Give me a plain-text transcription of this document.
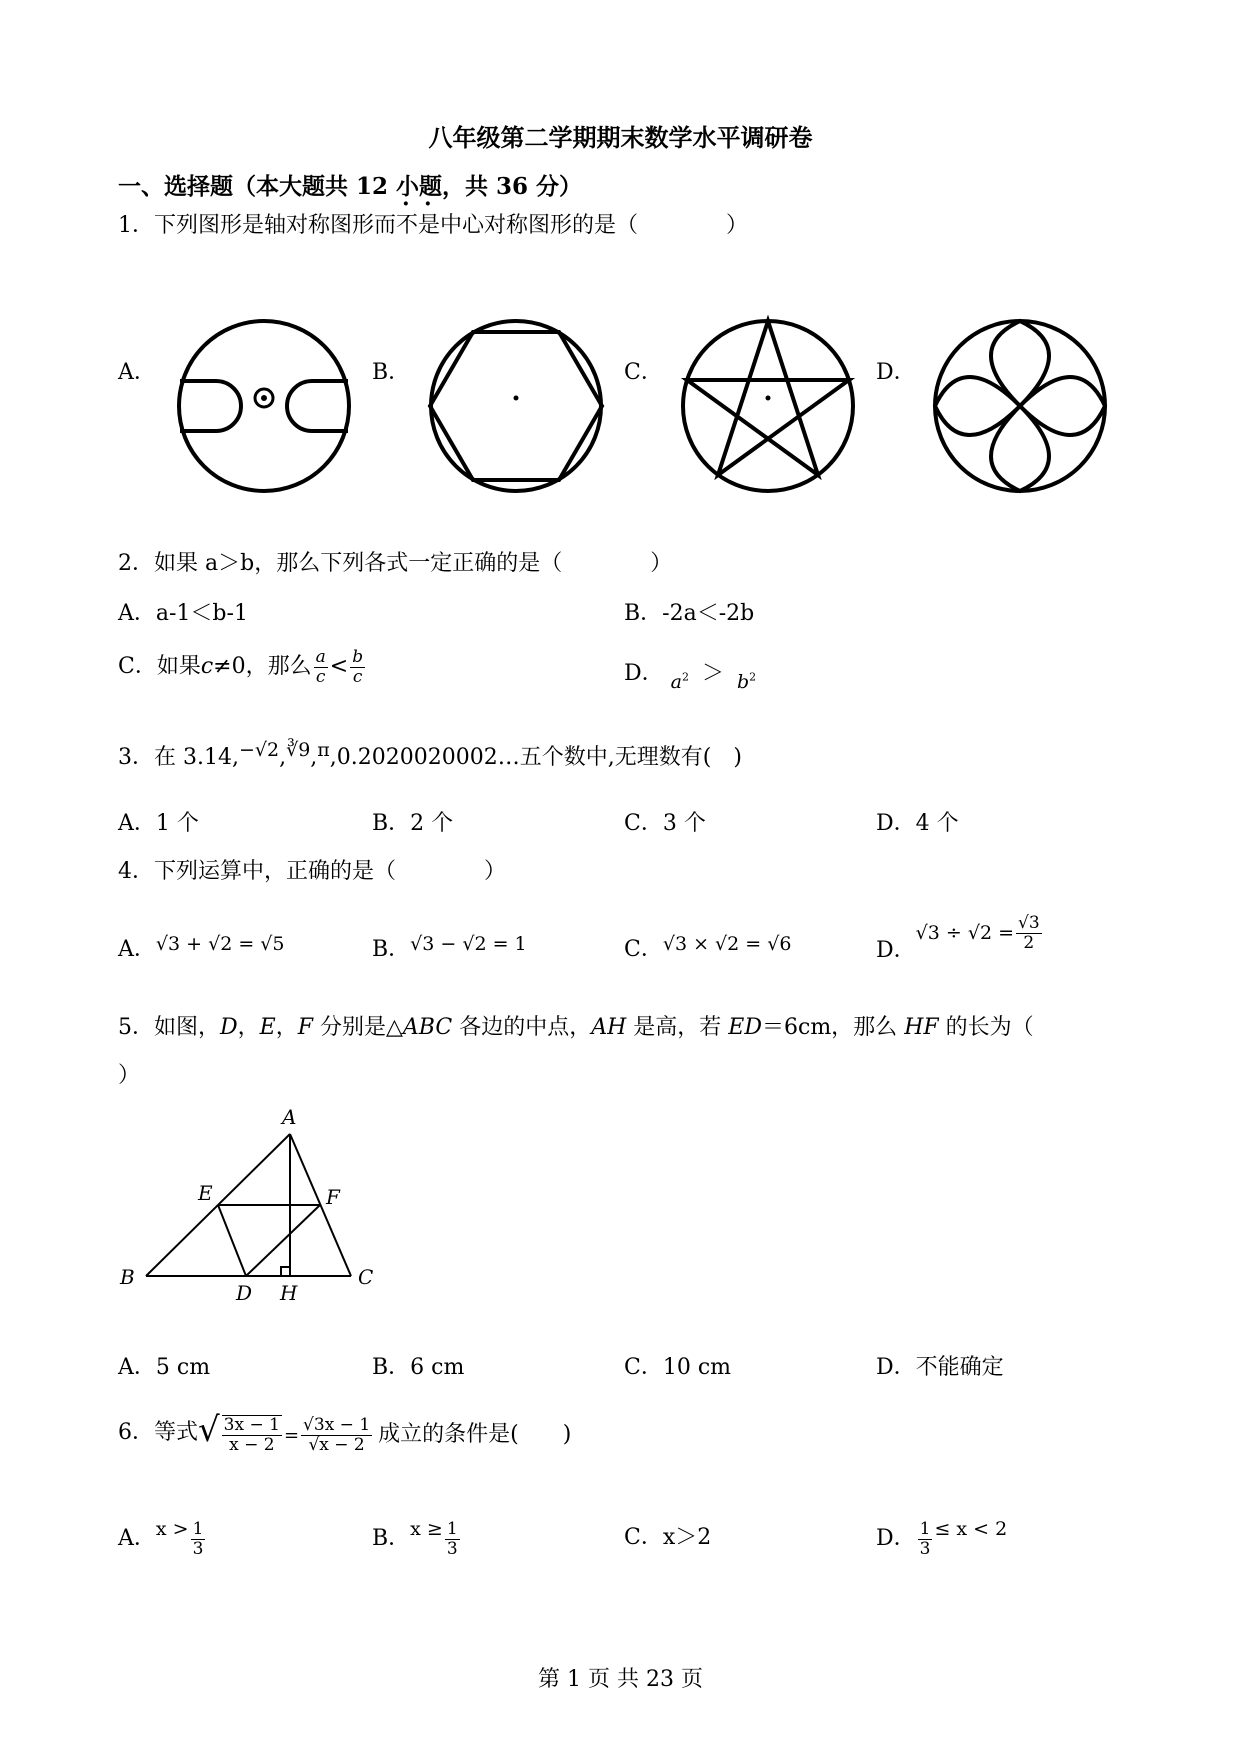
八年级第二学期期末数学水平调研卷
一、选择题（本大题共 12 小题，共 36 分）
1．下列图形是轴对称图形而不是中心对称图形的是（　　　　）
A．	B．	C．	D．
2．如果 a＞b，那么下列各式一定正确的是（　　　　）
A．a-1＜b-1	B．-2a＜-2b
C．如果c≠0，那么 $\frac{a}{c} < \frac{b}{c}$	D． $a^2 > b^2$
3．在 3.14,−√2,∛9,π,0.2020020002…五个数中,无理数有(　)
A．1 个	B．2 个	C．3 个	D．4 个
4．下列运算中，正确的是（　　　　）
A．√3 + √2 = √5	B．√3 − √2 = 1	C．√3 × √2 = √6	D．$√3 \div √2 = \frac{√3}{2}$
5．如图，D，E，F 分别是△ABC 各边的中点，AH 是高，若 ED＝6cm，那么 HF 的长为（
）
A
B	C
D
E	F
H
A．5 cm	B．6 cm	C．10 cm	D．不能确定
6．等式√ $\frac{3x - 1}{x - 2} = \frac{√3x - 1}{√x - 2}$ 成立的条件是(　　)
A．$x > \frac{1}{3}$	B．$x \ge \frac{1}{3}$	C．x＞2	D． $\frac{1}{3} \le x < 2$
第 1 页 共 23 页
